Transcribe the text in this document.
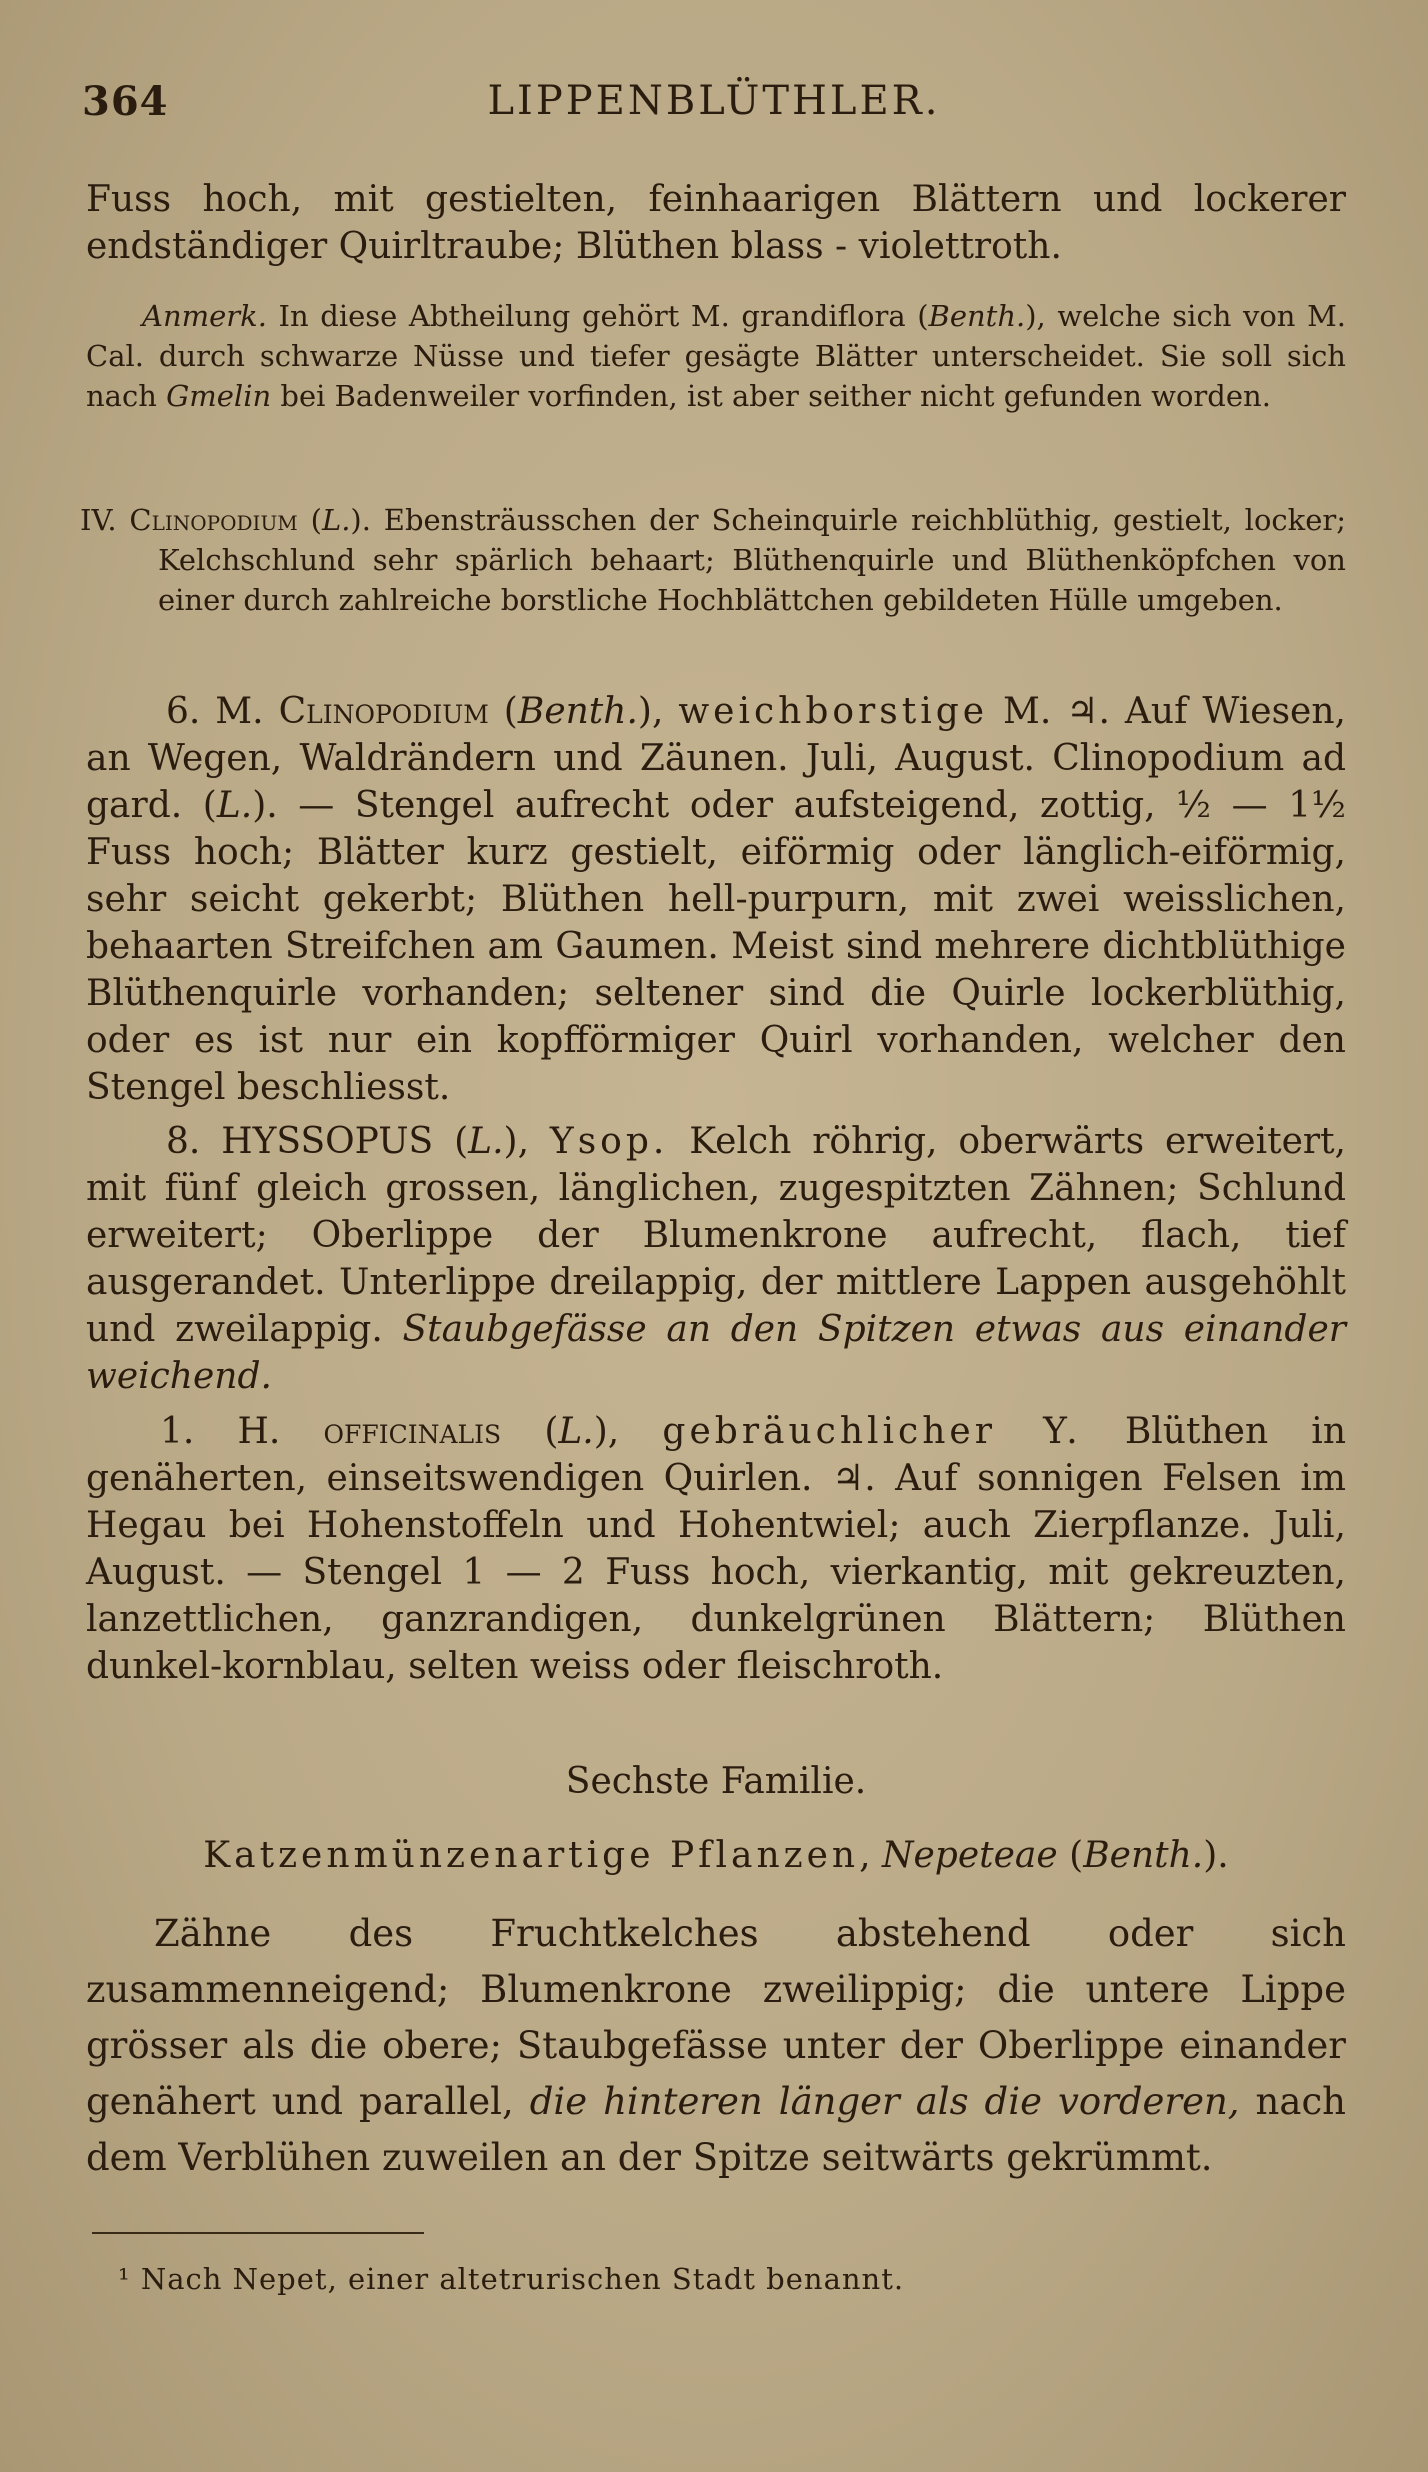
364	LIPPENBLÜTHLER.
Fuss hoch, mit gestielten, feinhaarigen Blättern und lockerer endständiger Quirltraube; Blüthen blass - violettroth.
Anmerk. In diese Abtheilung gehört M. grandiflora (Benth.), welche sich von M. Cal. durch schwarze Nüsse und tiefer gesägte Blätter unterscheidet. Sie soll sich nach Gmelin bei Badenweiler vorfinden, ist aber seither nicht gefunden worden.
IV. Clinopodium (L.). Ebensträusschen der Scheinquirle reichblüthig, gestielt, locker; Kelchschlund sehr spärlich behaart; Blüthenquirle und Blüthenköpfchen von einer durch zahlreiche borstliche Hochblättchen gebildeten Hülle umgeben.
6. M. Clinopodium (Benth.), weichborstige M. ♃. Auf Wiesen, an Wegen, Waldrändern und Zäunen. Juli, August. Clinopodium ad gard. (L.). — Stengel aufrecht oder aufsteigend, zottig, ½ — 1½ Fuss hoch; Blätter kurz gestielt, eiförmig oder länglich-eiförmig, sehr seicht gekerbt; Blüthen hell-purpurn, mit zwei weisslichen, behaarten Streifchen am Gaumen. Meist sind mehrere dichtblüthige Blüthenquirle vorhanden; seltener sind die Quirle lockerblüthig, oder es ist nur ein kopfförmiger Quirl vorhanden, welcher den Stengel beschliesst.
8. HYSSOPUS (L.), Ysop. Kelch röhrig, oberwärts erweitert, mit fünf gleich grossen, länglichen, zugespitzten Zähnen; Schlund erweitert; Oberlippe der Blumenkrone aufrecht, flach, tief ausgerandet. Unterlippe dreilappig, der mittlere Lappen ausgehöhlt und zweilappig. Staubgefässe an den Spitzen etwas aus einander weichend.
1. H. officinalis (L.), gebräuchlicher Y. Blüthen in genäherten, einseitswendigen Quirlen. ♃. Auf sonnigen Felsen im Hegau bei Hohenstoffeln und Hohentwiel; auch Zierpflanze. Juli, August. — Stengel 1 — 2 Fuss hoch, vierkantig, mit gekreuzten, lanzettlichen, ganzrandigen, dunkelgrünen Blättern; Blüthen dunkel-kornblau, selten weiss oder fleischroth.
Sechste Familie.
Katzenmünzenartige Pflanzen, Nepeteae (Benth.).
Zähne des Fruchtkelches abstehend oder sich zusammenneigend; Blumenkrone zweilippig; die untere Lippe grösser als die obere; Staubgefässe unter der Oberlippe einander genähert und parallel, die hinteren länger als die vorderen, nach dem Verblühen zuweilen an der Spitze seitwärts gekrümmt.
¹ Nach Nepet, einer altetrurischen Stadt benannt.
